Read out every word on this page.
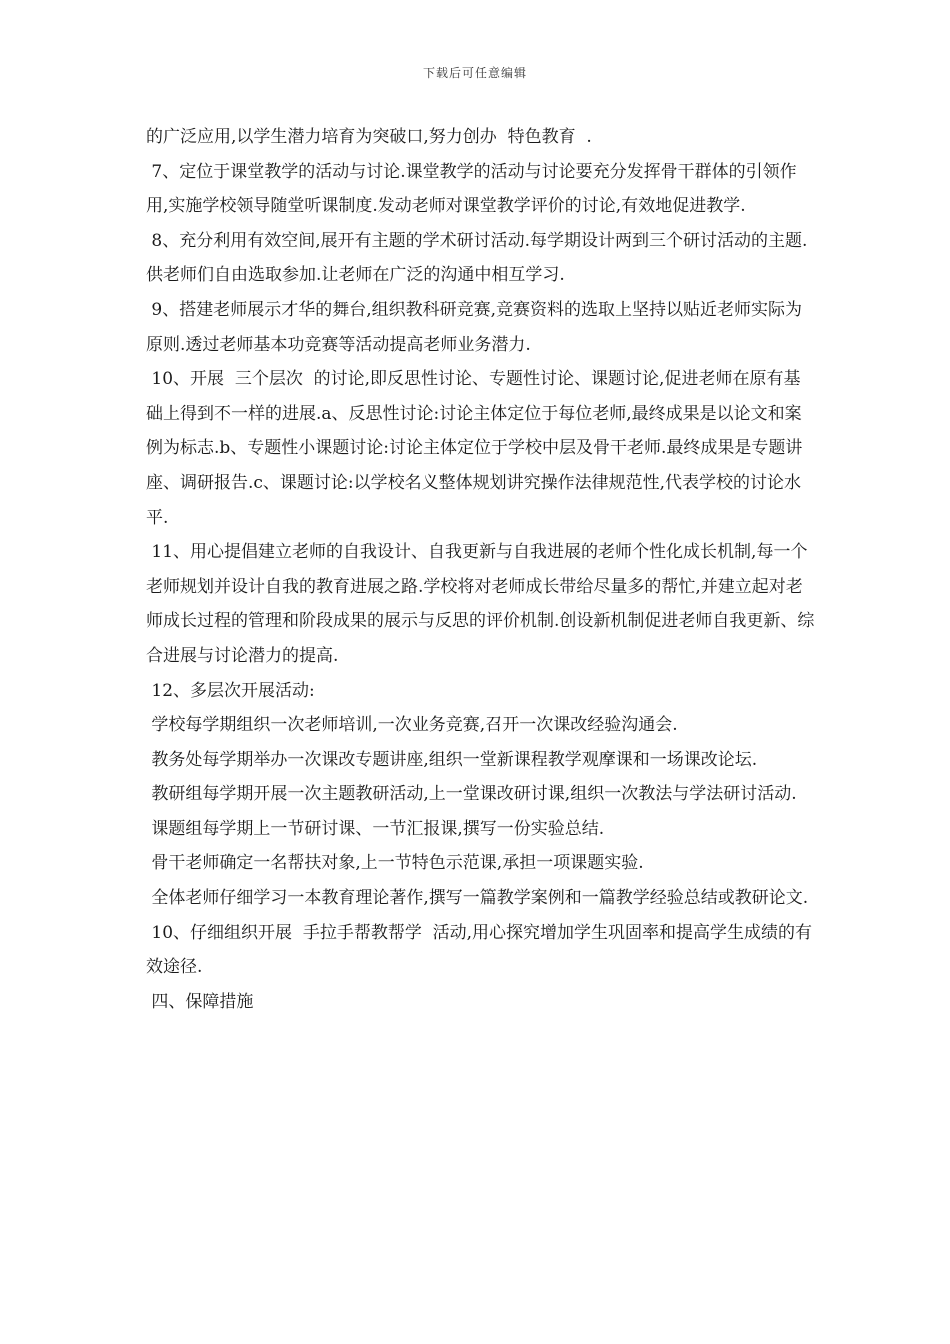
下载后可任意编辑

的广泛应用,以学生潜力培育为突破口,努力创办  特色教育  .

7、定位于课堂教学的活动与讨论.课堂教学的活动与讨论要充分发挥骨干群体的引领作用,实施学校领导随堂听课制度.发动老师对课堂教学评价的讨论,有效地促进教学.

8、充分利用有效空间,展开有主题的学术研讨活动.每学期设计两到三个研讨活动的主题.供老师们自由选取参加.让老师在广泛的沟通中相互学习.

9、搭建老师展示才华的舞台,组织教科研竞赛,竞赛资料的选取上坚持以贴近老师实际为原则.透过老师基本功竞赛等活动提高老师业务潜力.

10、开展  三个层次  的讨论,即反思性讨论、专题性讨论、课题讨论,促进老师在原有基础上得到不一样的进展.a、反思性讨论:讨论主体定位于每位老师,最终成果是以论文和案例为标志.b、专题性小课题讨论:讨论主体定位于学校中层及骨干老师.最终成果是专题讲座、调研报告.c、课题讨论:以学校名义整体规划讲究操作法律规范性,代表学校的讨论水平.

11、用心提倡建立老师的自我设计、自我更新与自我进展的老师个性化成长机制,每一个老师规划并设计自我的教育进展之路.学校将对老师成长带给尽量多的帮忙,并建立起对老师成长过程的管理和阶段成果的展示与反思的评价机制.创设新机制促进老师自我更新、综合进展与讨论潜力的提高.

12、多层次开展活动:

学校每学期组织一次老师培训,一次业务竞赛,召开一次课改经验沟通会.

教务处每学期举办一次课改专题讲座,组织一堂新课程教学观摩课和一场课改论坛.

教研组每学期开展一次主题教研活动,上一堂课改研讨课,组织一次教法与学法研讨活动.

课题组每学期上一节研讨课、一节汇报课,撰写一份实验总结.

骨干老师确定一名帮扶对象,上一节特色示范课,承担一项课题实验.

全体老师仔细学习一本教育理论著作,撰写一篇教学案例和一篇教学经验总结或教研论文.

10、仔细组织开展  手拉手帮教帮学  活动,用心探究增加学生巩固率和提高学生成绩的有效途径.

四、保障措施
